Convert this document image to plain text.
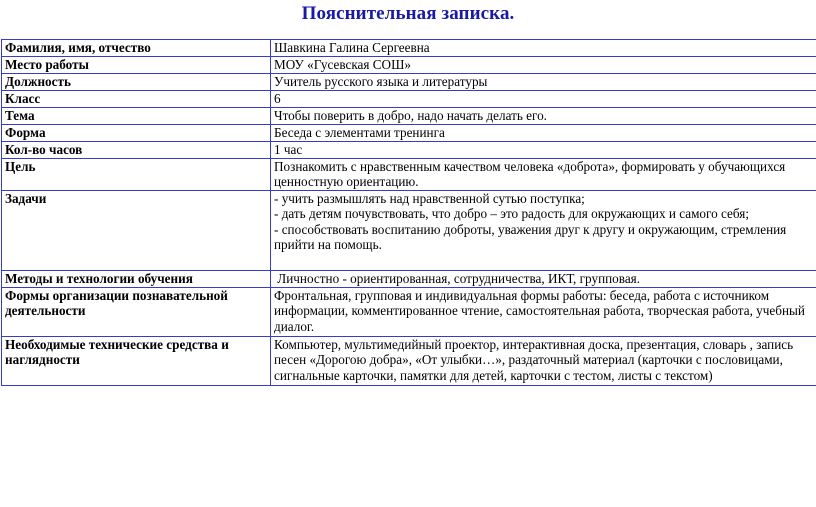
Пояснительная записка.
Фамилия, имя, отчество	Шавкина Галина Сергеевна

Место работы	МОУ «Гусевская СОШ»

Должность	Учитель русского языка и литературы

Класс	6

Тема	Чтобы поверить в добро, надо начать делать его.

Форма	Беседа с элементами тренинга

Кол-во часов	1 час

Цель	Познакомить с нравственным качеством человека «доброта», формировать у обучающихся
ценностную ориентацию.

Задачи	- учить размышлять над нравственной сутью поступка;
- дать детям почувствовать, что добро – это радость для окружающих и самого себя;
- способствовать воспитанию доброты, уважения друг к другу и окружающим, стремления
прийти на помощь.

Методы и технологии обучения	Личностно - ориентированная, сотрудничества, ИКТ, групповая.

Формы организации познавательной деятельности	Фронтальная, групповая и индивидуальная формы работы: беседа, работа с источником
информации, комментированное чтение, самостоятельная работа, творческая работа, учебный
диалог.

Необходимые технические средства и наглядности	Компьютер, мультимедийный проектор, интерактивная доска, презентация, словарь , запись
песен «Дорогою добра», «От улыбки…», раздаточный материал (карточки с пословицами,
сигнальные карточки, памятки для детей, карточки с тестом, листы с текстом)
